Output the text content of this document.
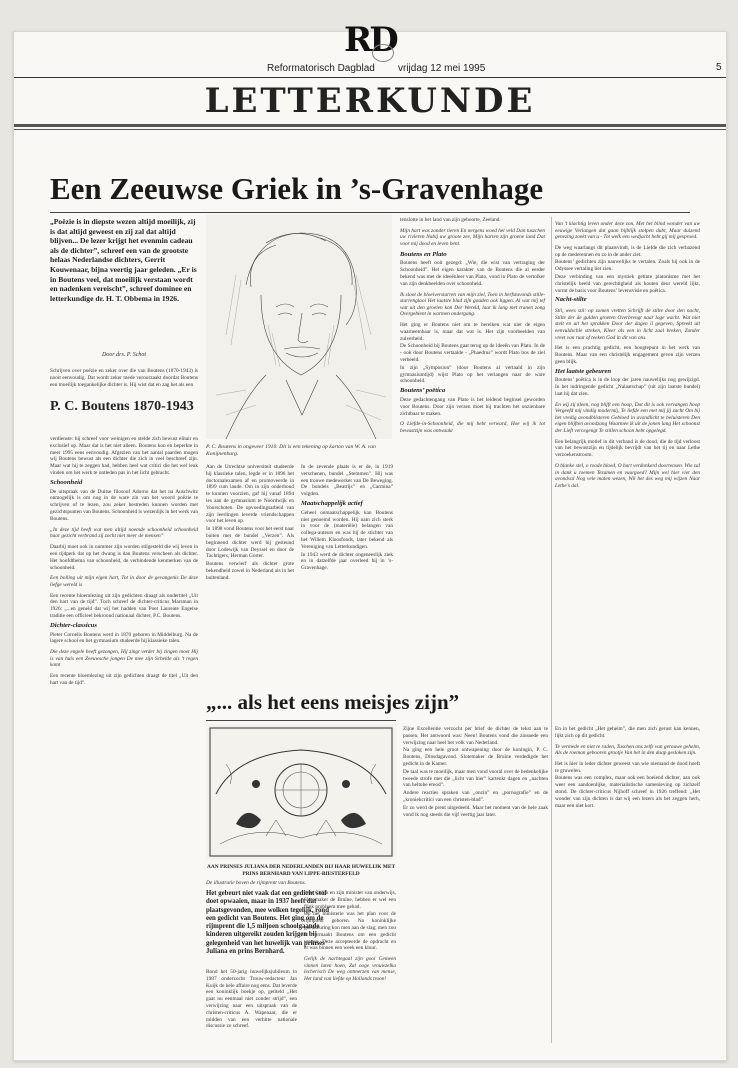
RD
Reformatorisch Dagblad vrijdag 12 mei 1995	5
LETTERKUNDE
Een Zeeuwse Griek in ’s-Gravenhage
„Poëzie is in diepste wezen altijd moeilijk, zij is dat altijd geweest en zij zal dat altijd blijven... De lezer krijgt het evenmin cadeau als de dichter”, schreef een van de grootste helaas Nederlandse dichters, Gerrit Kouwenaar, bijna veertig jaar geleden. „Er is in Boutens veel, dat moeilijk verstaan wordt en nadenken vereischt”, schreef dominee en letterkundige dr. H. T. Obbema in 1926.
Door drs. P. Schot
Schrijven over poëzie en zeker over die van Boutens (1870-1943) is nooit eenvoudig. Dat wordt zeker mede veroorzaakt doordat Boutens een moeilijk toegankelijke dichter is. Hij wist dat en zag het als een
P. C. Boutens 1870-1943

verdienste: hij schreef voor weinigen en stelde zich bewust elitair en exclusief op. Maar dat is het niet alleen. Boutens kon en beperkte in meer 1995 eens eenvoudig. Afgezien van het aantal paarden mogen wij Boutens bewust als een dichter die zich in veel beschreef zijn. Maar wat hij te zeggen had, hebben heel wat critici die het wel leuk vinden om het werk te ontleden pas in het licht gebracht.

Schoonheid

De uitspraak van de Duitse filosoof Adorno dat het na Auschwitz onmogelijk is om nog in de ware zin van het woord poëzie te schrijven of te lezen, zou zeker bestreden kunnen worden met gezichtspunten van Boutens. Schoonheid is wezenlijk in het werk van Boutens.

„In deze tijd heeft wat men altijd noemde schoonheid schoonheid haar gezicht verbrand zij zocht niet meer de mensen”

Daarbij moet ook in nummer zijn worden stilgesteld die wij leven in een tijdperk dat op het dwang is dan Boutens verscheen als dichter. Het hoofdthema van schoonheid, de verbindende kenmerken van de schoonheid.

Een bolling uit mijn eigen hart, Tot in door de gevangenis De deze liefge wereld is

Een recente bloemlezing uit zijn gedichten draagt als ondertitel „Uit den hart van de tijd”. Toch schreef de dichter-criticus Marsman in 1926: „...en geneld dat wij het hadden van Poet Laureate Engelse traditie een officieel bekroond nationaal dichter, P.C. Boutens.

Dichter-classicus

Pieter Cornelis Boutens werd in 1870 geboren in Middelburg. Na de lagere school en het gymnasium studeerde hij klassieke talen.

Die deze engele heeft gezongen, Hij zingt verder bij zingen moet Hij is van huis een Zeeuwsche jongen De mee zijn Schelde als ’t regen komt

Een recente bloemlezing uit zijn gedichten draagt de titel „Uit den hart van de tijd”.

P. C. Boutens in ongeveer 1910. Dit is een tekening op karton van W. A. van Konijnenburg.

Aan de Utrechtse universiteit studeerde hij klassieke talen, legde er in 1896 het doctoraalexamen af en promoveerde in 1899 cum laude. Om in zijn onderhoud te kunnen voorzien, gaf hij vanaf 1894 les aan de gymnasium te Noordwijk en Voorschoten. De opvoedingsarbeid van zijn leerlingen leverde vriendschappen voor het leven op.

In 1898 vond Boutens voor het eerst naar buiten met de bundel „Verzen”. Als beginnend dichter werd hij gesteund door Lodewijk van Deyssel en door de Tachtigers, Herman Gorter.

Boutens verwierf als dichter grote bekendheid zowel in Nederland als in het buitenland.

In de zevende plaats is er de, in 1919 verschenen, bundel „Stemmen”. Hij was een trouwe medewerker van De Beweging. De bundels „Beatrijs” en „Carmina” volgden.

Maatschappelijk actief

Geheel onmaatschappelijk kan Boutens niet genoemd worden. Hij nam zich sterk in voor de (materiële) belangen van collega-auteurs en was hij de stichter van het Willem Kloosfonds, later bekend als Vereniging van Letterkundigen.

In 1943 werd de dichter ongeneeslijk ziek en in datzelfde jaar overleed hij in ’s-Gravenhage.

tenslotte in het land van zijn geboorte, Zeeland.

Mijn hart was zonder tieren En nergens woed het veld Dan tuszchen uw rivieren Nabij uw groote zee, Mijn harten zijn groene land Dat voor mij dood en leven bent.
Boutens en Plato

Boutens heeft ooit gezegd: „Wie, die wist van vertraging der Schoonheid”. Het eigen karakter van de Boutens die al eerder bekend was met de ideeënleer van Plato, vond in Plato de vertolker van zijn denkbeelden over schoonheid.

Ik sloot de bloeiverstarren van mijn ziel, Toen in herfstavonds stille-starrenglooi Het laatste blad zijn gouden ook liggen. Al wat mij tef wat uit den groeien kon Der Wereld, laat ik lang met tranen zong Overgeblent in warmen ondergang.

Het ging er Boutens niet om te bereiken wat niet de eigen waarneembaar is, maar dat wat is. Het zijn voorbeelden van zuiverheid.

De Schoonheid bij Boutens gaat terug op de ideeën van Plato. In de - ook door Boutens vertaalde - „Phaedrus” wordt Plato bos de ziel verbeeld.

In zijn „Symposion” (door Boutens al vertaald in zijn gymnasiumtijd) wijst Plato op het verlangen naar de ware schoonheid.

Boutens’ poëtica

Deze gedachtengang van Plato is het leidend beginsel geworden voor Boutens. Door zijn verzen moet hij trachten het onzienbare zichtbaar te maken.

O Liefde-in-Schoonheid, die mij hebt verward, Hoe wij ik tot bewustzijn was ontwaakt
Van ’t klachtig leven onder deze zon, Met het blind wonder van uw eeuwige Verlangen dat gaan bijblijk stolpen dubt, Maar duizend genezing zoekt van u - Tot welk een wedjacht hebt gij mij gesproed.

De weg waarlangs dit plaatsvindt, is de Liefde die zich verbazend op de mederennen en zo in de ander ziet.

Boutens’ gedichten zijn nauwelijks te vertalen. Zoals hij ook in de Odyssee vertaling liet zien.

Deze verbinding van een mystiek getinte platonisme met het christelijk beeld van gerechtigheid als houten deur wereld lijkt, vormt de basis voor Boutens’ levensvisie en poëtica.

Nacht-stilte
Stil, wees stil: op zomen vretten Schrijft de stilte door den nacht, Stilte der de gulden groeten Overbrengt naar loge wacht. Wat niet stelt en uit het sprakken Door der dagen il gegeven, Spreekt uit eenvuldschle streken, Kleer als een in licht zaal breken, Zonder vreet van ruut of teeken God in dit van ons.

Het is een prachtig gedicht, een hoogtepunt in het werk van Boutens. Maar van een christelijk engagement geven zijn verzen geen blijk.

Het laatste gebeuren

Boutens’ poëtica is in de loop der jaren nauwelijks nog gewijzigd. In het indringende gedicht „Nalaatschap” (uit zijn laatste bundel) laat hij dat zien.

En wij zij kleen, nog blijft een hoop, Dat dit is ook vervangen hoop Vergeefd mij vindig modermij, Te liefde een met mij jij zacht Om bij het vredig avondblisteren Gebloed in avondlicht te beluisteren Den eigen blijften avondzang Waarmee ik uit de jonen lang Het schoonst der Lieft vercegengt Te stillen schoon hebt opgelegd.

Een belangrijk motief in dit verband is de dood, die de tijd verloost van het bewustzijn en tijdelijk bevrijdt van het tij en naar Lethe verzoekenstroom.

O blanke stel, o roode bloed, O hart verdonkerd doortensen. Wie zal in dank u roemen Tezamen en vuurgoed? Mijn wel hier vier den avondval Nog vele malen wezen, Wil het des weg mij wijzen Naar Lethe’s dal.
„... als het eens meisjes zijn”
AAN PRINSES JULIANA DER NEDERLANDEN BIJ HAAR HUWELIJK MET PRINS BERNHARD VAN LIPPE-BIESTERFELD
De illustratie boven de rijmprent van Boutens.
Het gebeurt niet vaak dat een gedicht stof doet opwaaien, maar in 1937 heeft dat plaatsgevonden, mee wolken tegelijk, rond een gedicht van Boutens. Het ging om de rijmprent die 1,5 miljoen schoolgaande kinderen uitgereikt zouden krijgen bij gelegenheid van het huwelijk van prinses Juliana en prins Bernhard.

Rond het 50-jarig huwelijksjubileum in 1987 onderzocht Trouw-redacteur Jan Kuijk de hele affaire nog eens. Dat leverde een koninklijk boekje op, getiteld „Het gaat nu eenmaal niet zonder strijd”, een verwijzing naar een uitspraak van de christen-criticus A. Wapenaar, die er midden van een verhitte nationale discussie zo schreef.

deze Colijn en zijn minister van onderwijs, Slotemaker de Bruïne, hebben er wel een flink probleem mee gehad.

Op het ministerie was het plan voor de rijmprent geboren. Na koninklijke goedkeuring kon men aan de slag; men zou er vermaakt Boutens om een gedicht vragen. Deze accepteerde de opdracht en er was binnen een week een kluur.

Gelijk de nachtegaal zijn gooi Gemeen vinnen laten hoen, Zal ooge vrouwzelka lecherisch De weg ontmerzen van mense, Het land van liefde op Hollands troon!

Zijne Excellentie verzocht per brief de dichter de tekst aan te passen. Het antwoord was: Neen! Boutens vond die zinsnede een verwijzing naar heel het volk van Nederland.

Na ging een hele groot ontwapening door de koningin, P. C. Boutens, Dinsdagavond. Slotemaker de Bruïne verdedigde het gedicht in de Kamer.

De taal was te moeilijk, maar men vond voorál over de bedenkelijke tweede strofe met die „licht van hier” kartenkt dagen en „nachten van heltobe ereod”.

Andere reacties spraken van „onzin” en „pornografie” en de „kroniekcritici van een christen-blad”.

Er zo werd de prent uitgedeeld. Maar het moment van de hele zaak vond ik nog steeds die vijf veertig jaar later.

En in het gedicht „Het geheim”, die men zich gerust kan kennen, lijkt zich op dit gedicht.

Te vermede en niet te raden, Tuschen ons zelfs van gerouwe gehelm, Als de roeman gebooren grootje Van het in den daap gesloken zijn.

Het is hier in ieder dichter geweest van wie niemand de dood hoeft te gruwelen.

Boutens was een complex, maar ook een boeiend dichter, aan ook weer een aandoenlijke, materialistische samenleving op zichzelf stond. De dichter-criticus Nijhoff schreef in 1926 treffend: „Het wonder van zijn dichten is dat wij een lezers als het zeggen herh, maar een niet kort.
